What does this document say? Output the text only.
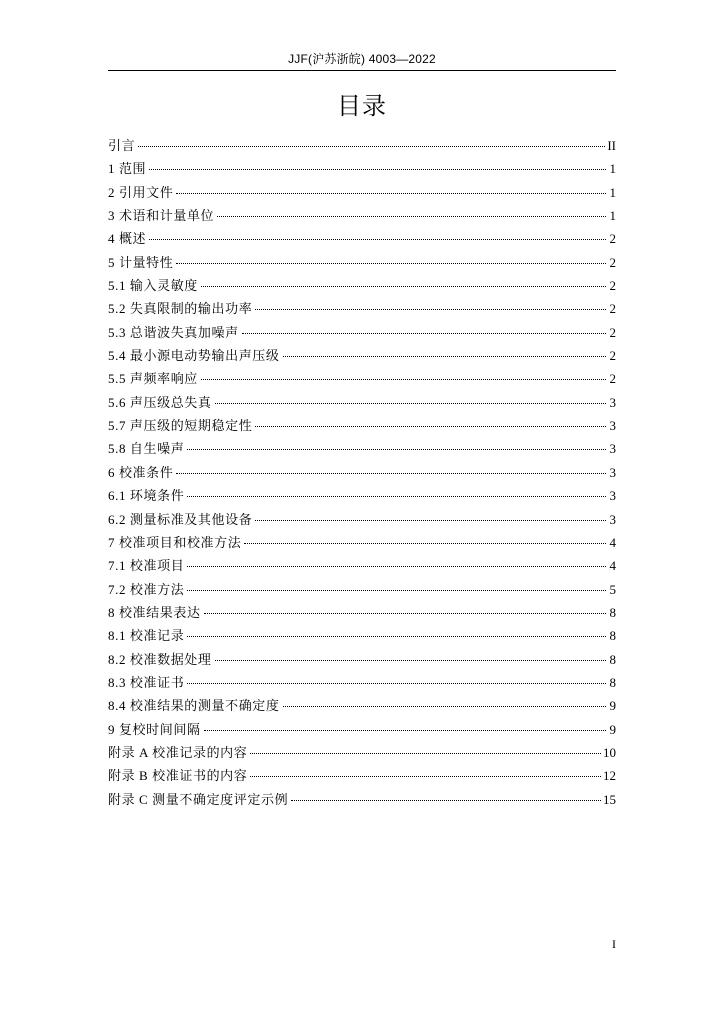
JJF(沪苏浙皖) 4003—2022
目录
引言	II
1 范围	1
2 引用文件	1
3 术语和计量单位	1
4 概述	2
5 计量特性	2
5.1 输入灵敏度	2
5.2 失真限制的输出功率	2
5.3 总谐波失真加噪声	2
5.4 最小源电动势输出声压级	2
5.5 声频率响应	2
5.6 声压级总失真	3
5.7 声压级的短期稳定性	3
5.8 自生噪声	3
6 校准条件	3
6.1 环境条件	3
6.2 测量标准及其他设备	3
7 校准项目和校准方法	4
7.1 校准项目	4
7.2 校准方法	5
8 校准结果表达	8
8.1 校准记录	8
8.2 校准数据处理	8
8.3 校准证书	8
8.4 校准结果的测量不确定度	9
9 复校时间间隔	9
附录 A 校准记录的内容	10
附录 B 校准证书的内容	12
附录 C 测量不确定度评定示例	15
I
